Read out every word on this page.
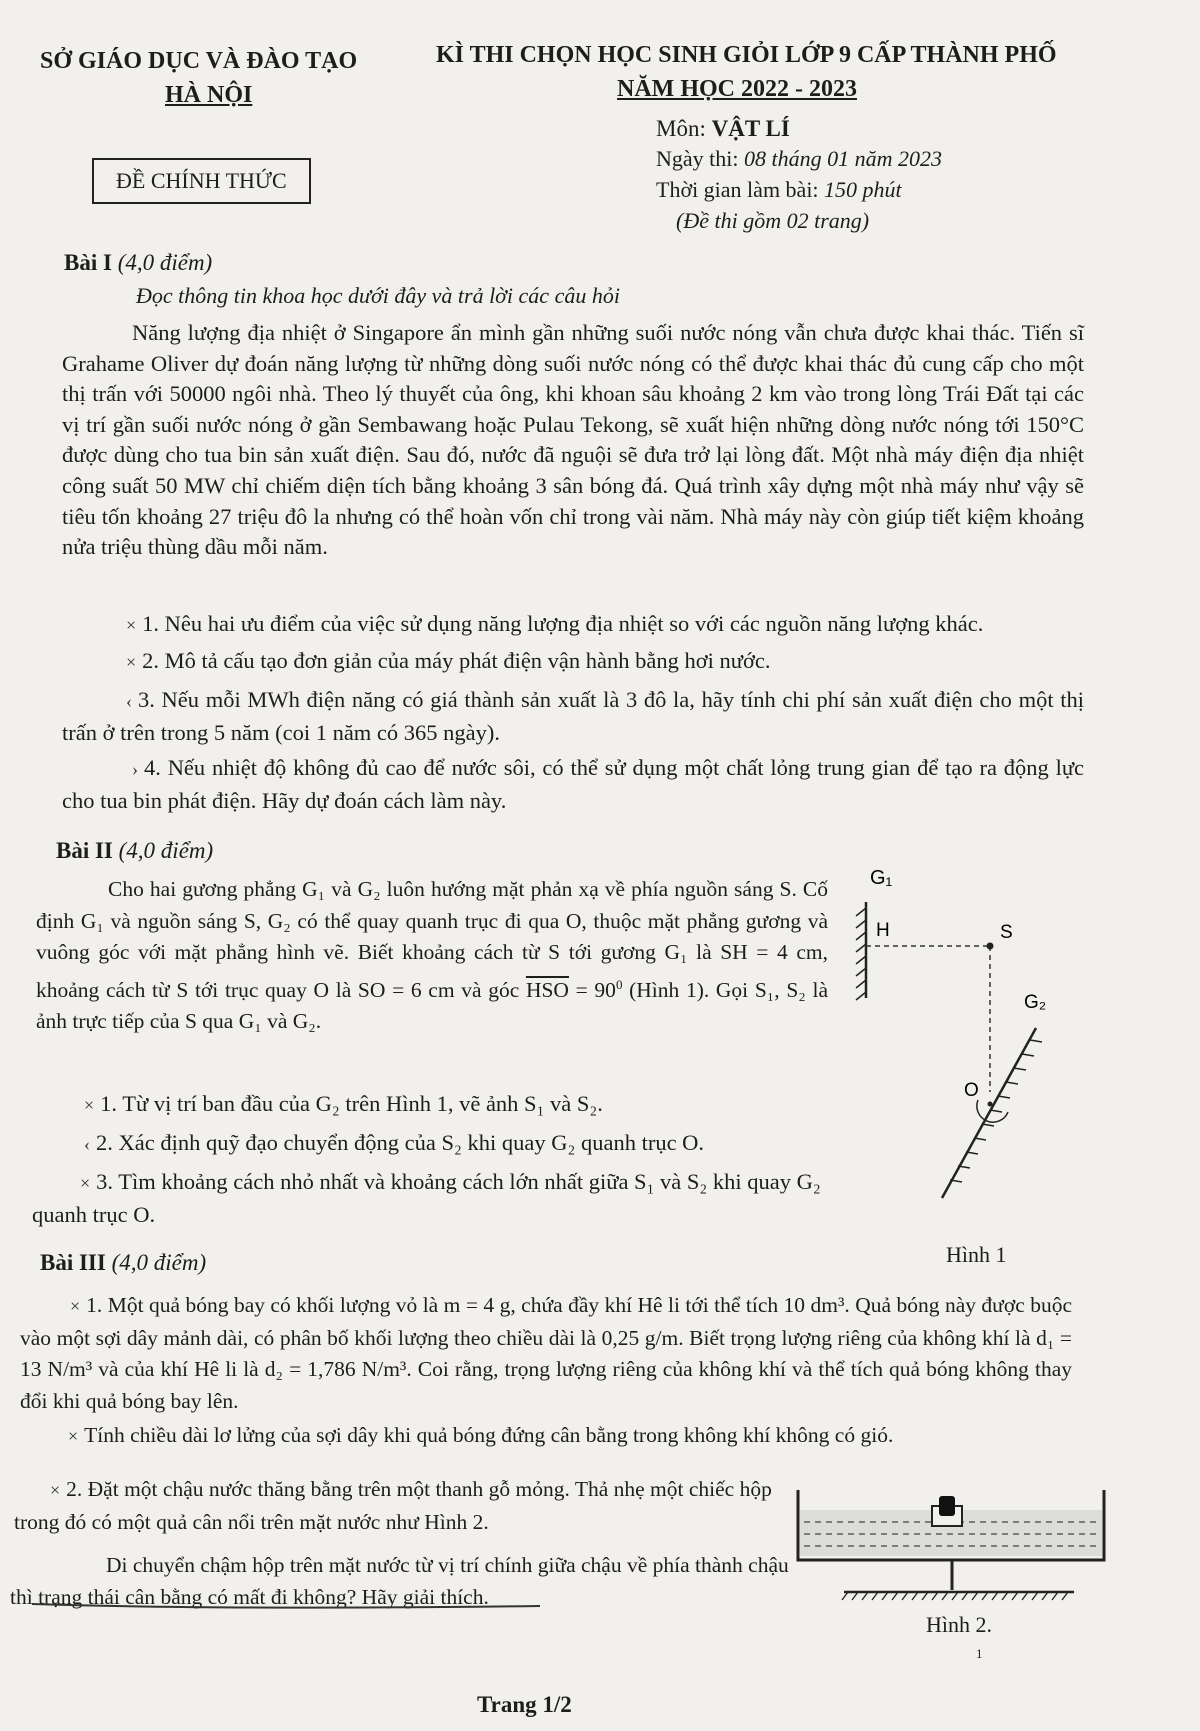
SỞ GIÁO DỤC VÀ ĐÀO TẠO
HÀ NỘI
KÌ THI CHỌN HỌC SINH GIỎI LỚP 9 CẤP THÀNH PHỐ
NĂM HỌC 2022 - 2023
ĐỀ CHÍNH THỨC
Môn: VẬT LÍ
Ngày thi: 08 tháng 01 năm 2023
Thời gian làm bài: 150 phút
(Đề thi gồm 02 trang)
Bài I (4,0 điểm)
Đọc thông tin khoa học dưới đây và trả lời các câu hỏi
Năng lượng địa nhiệt ở Singapore ẩn mình gần những suối nước nóng vẫn chưa được khai thác. Tiến sĩ Grahame Oliver dự đoán năng lượng từ những dòng suối nước nóng có thể được khai thác đủ cung cấp cho một thị trấn với 50000 ngôi nhà. Theo lý thuyết của ông, khi khoan sâu khoảng 2 km vào trong lòng Trái Đất tại các vị trí gần suối nước nóng ở gần Sembawang hoặc Pulau Tekong, sẽ xuất hiện những dòng nước nóng tới 150°C được dùng cho tua bin sản xuất điện. Sau đó, nước đã nguội sẽ đưa trở lại lòng đất. Một nhà máy điện địa nhiệt công suất 50 MW chỉ chiếm diện tích bằng khoảng 3 sân bóng đá. Quá trình xây dựng một nhà máy như vậy sẽ tiêu tốn khoảng 27 triệu đô la nhưng có thể hoàn vốn chỉ trong vài năm. Nhà máy này còn giúp tiết kiệm khoảng nửa triệu thùng dầu mỗi năm.
× 1. Nêu hai ưu điểm của việc sử dụng năng lượng địa nhiệt so với các nguồn năng lượng khác.
× 2. Mô tả cấu tạo đơn giản của máy phát điện vận hành bằng hơi nước.
‹ 3. Nếu mỗi MWh điện năng có giá thành sản xuất là 3 đô la, hãy tính chi phí sản xuất điện cho một thị trấn ở trên trong 5 năm (coi 1 năm có 365 ngày).
› 4. Nếu nhiệt độ không đủ cao để nước sôi, có thể sử dụng một chất lỏng trung gian để tạo ra động lực cho tua bin phát điện. Hãy dự đoán cách làm này.
Bài II (4,0 điểm)
Cho hai gương phẳng G₁ và G₂ luôn hướng mặt phản xạ về phía nguồn sáng S. Cố định G₁ và nguồn sáng S, G₂ có thể quay quanh trục đi qua O, thuộc mặt phẳng gương và vuông góc với mặt phẳng hình vẽ. Biết khoảng cách từ S tới gương G₁ là SH = 4 cm, khoảng cách từ S tới trục quay O là SO = 6 cm và góc $\overline{HSO} = 90^0$ (Hình 1). Gọi S₁, S₂ là ảnh trực tiếp của S qua G₁ và G₂.
× 1. Từ vị trí ban đầu của G₂ trên Hình 1, vẽ ảnh S₁ và S₂.
‹ 2. Xác định quỹ đạo chuyển động của S₂ khi quay G₂ quanh trục O.
× 3. Tìm khoảng cách nhỏ nhất và khoảng cách lớn nhất giữa S₁ và S₂ khi quay G₂ quanh trục O.
G₁
H	S
G₂
O
Hình 1
Bài III (4,0 điểm)
× 1. Một quả bóng bay có khối lượng vỏ là m = 4 g, chứa đầy khí Hê li tới thể tích 10 dm³. Quả bóng này được buộc vào một sợi dây mảnh dài, có phân bố khối lượng theo chiều dài là 0,25 g/m. Biết trọng lượng riêng của không khí là d₁ = 13 N/m³ và của khí Hê li là d₂ = 1,786 N/m³. Coi rằng, trọng lượng riêng của không khí và thể tích quả bóng không thay đổi khi quả bóng bay lên.
× Tính chiều dài lơ lửng của sợi dây khi quả bóng đứng cân bằng trong không khí không có gió.
× 2. Đặt một chậu nước thăng bằng trên một thanh gỗ mỏng. Thả nhẹ một chiếc hộp trong đó có một quả cân nổi trên mặt nước như Hình 2.
Di chuyển chậm hộp trên mặt nước từ vị trí chính giữa chậu về phía thành chậu thì trạng thái cân bằng có mất đi không? Hãy giải thích.
Hình 2.
1
Trang 1/2
